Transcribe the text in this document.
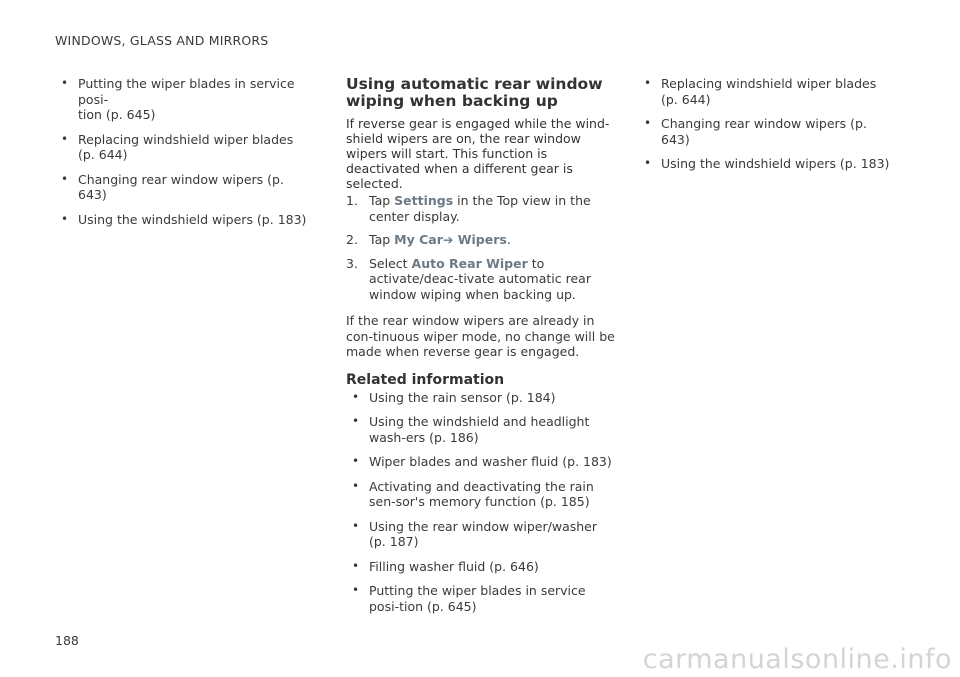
WINDOWS, GLASS AND MIRRORS
• Putting the wiper blades in service posi-
tion (p. 645)
• Replacing windshield wiper blades
(p. 644)
• Changing rear window wipers (p. 643)
• Using the windshield wipers (p. 183)
Using automatic rear window wiping when backing up

If reverse gear is engaged while the wind-shield wipers are on, the rear window wipers will start. This function is deactivated when a different gear is selected.

1. Tap Settings in the Top view in the center display.
2. Tap My Car➔ Wipers.
3. Select Auto Rear Wiper to activate/deac-tivate automatic rear window wiping when backing up.

If the rear window wipers are already in con-tinuous wiper mode, no change will be made when reverse gear is engaged.

Related information
• Using the rain sensor (p. 184)
• Using the windshield and headlight wash-ers (p. 186)
• Wiper blades and washer fluid (p. 183)
• Activating and deactivating the rain sen-sor's memory function (p. 185)
• Using the rear window wiper/washer
(p. 187)
• Filling washer fluid (p. 646)
• Putting the wiper blades in service posi-tion (p. 645)
• Replacing windshield wiper blades
(p. 644)
• Changing rear window wipers (p. 643)
• Using the windshield wipers (p. 183)
188
carmanualsonline.info
